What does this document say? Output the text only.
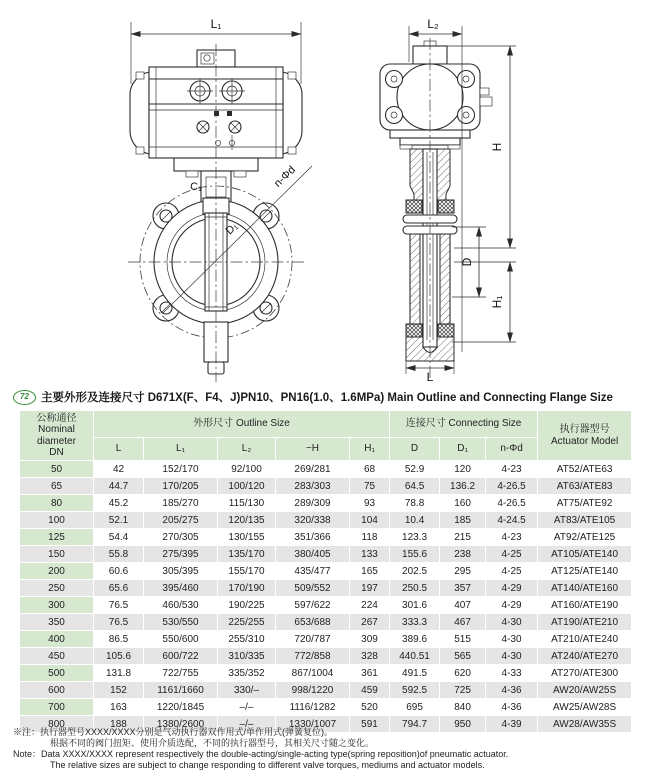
L₁
C₁
D₁
n-Φd
L₂
H
D
H₁
L
72 主要外形及连接尺寸 D671X(F、F4、J)PN10、PN16(1.0、1.6MPa) Main Outline and Connecting Flange Size
公称通径
Nominal
diameter
DN
	外形尺寸 Outline Size	连接尺寸 Connecting Size	
执行器型号
Actuator Model

	L	L₁	L₂	~H	H₁	D	D₁	n-Φd	
50	42	152/170	92/100	269/281	68	52.9	120	4-23	AT52/ATE63
65	44.7	170/205	100/120	283/303	75	64.5	136.2	4-26.5	AT63/ATE83
80	45.2	185/270	115/130	289/309	93	78.8	160	4-26.5	AT75/ATE92
100	52.1	205/275	120/135	320/338	104	10.4	185	4-24.5	AT83/ATE105
125	54.4	270/305	130/155	351/366	118	123.3	215	4-23	AT92/ATE125
150	55.8	275/395	135/170	380/405	133	155.6	238	4-25	AT105/ATE140
200	60.6	305/395	155/170	435/477	165	202.5	295	4-25	AT125/ATE140
250	65.6	395/460	170/190	509/552	197	250.5	357	4-29	AT140/ATE160
300	76.5	460/530	190/225	597/622	224	301.6	407	4-29	AT160/ATE190
350	76.5	530/550	225/255	653/688	267	333.3	467	4-30	AT190/ATE210
400	86.5	550/600	255/310	720/787	309	389.6	515	4-30	AT210/ATE240
450	105.6	600/722	310/335	772/858	328	440.51	565	4-30	AT240/ATE270
500	131.8	722/755	335/352	867/1004	361	491.5	620	4-33	AT270/ATE300
600	152	1161/1660	330/–	998/1220	459	592.5	725	4-36	AW20/AW25S
700	163	1220/1845	–/–	1116/1282	520	695	840	4-36	AW25/AW28S
800	188	1380/2600	–/–	1330/1007	591	794.7	950	4-39	AW28/AW35S
※注：执行器型号XXXX/XXXX分别是气动执行器双作用式/单作用式(弹簧复位)。
根据不同的阀门扭矩、使用介质选配，不同的执行器型号，其相关尺寸随之变化。
Note：Data XXXX/XXXX represent respectively the double-acting/single-acting type(spring reposition)of pneumatic actuator.
The relative sizes are subject to change responding to different valve torques, mediums and actuator models.
